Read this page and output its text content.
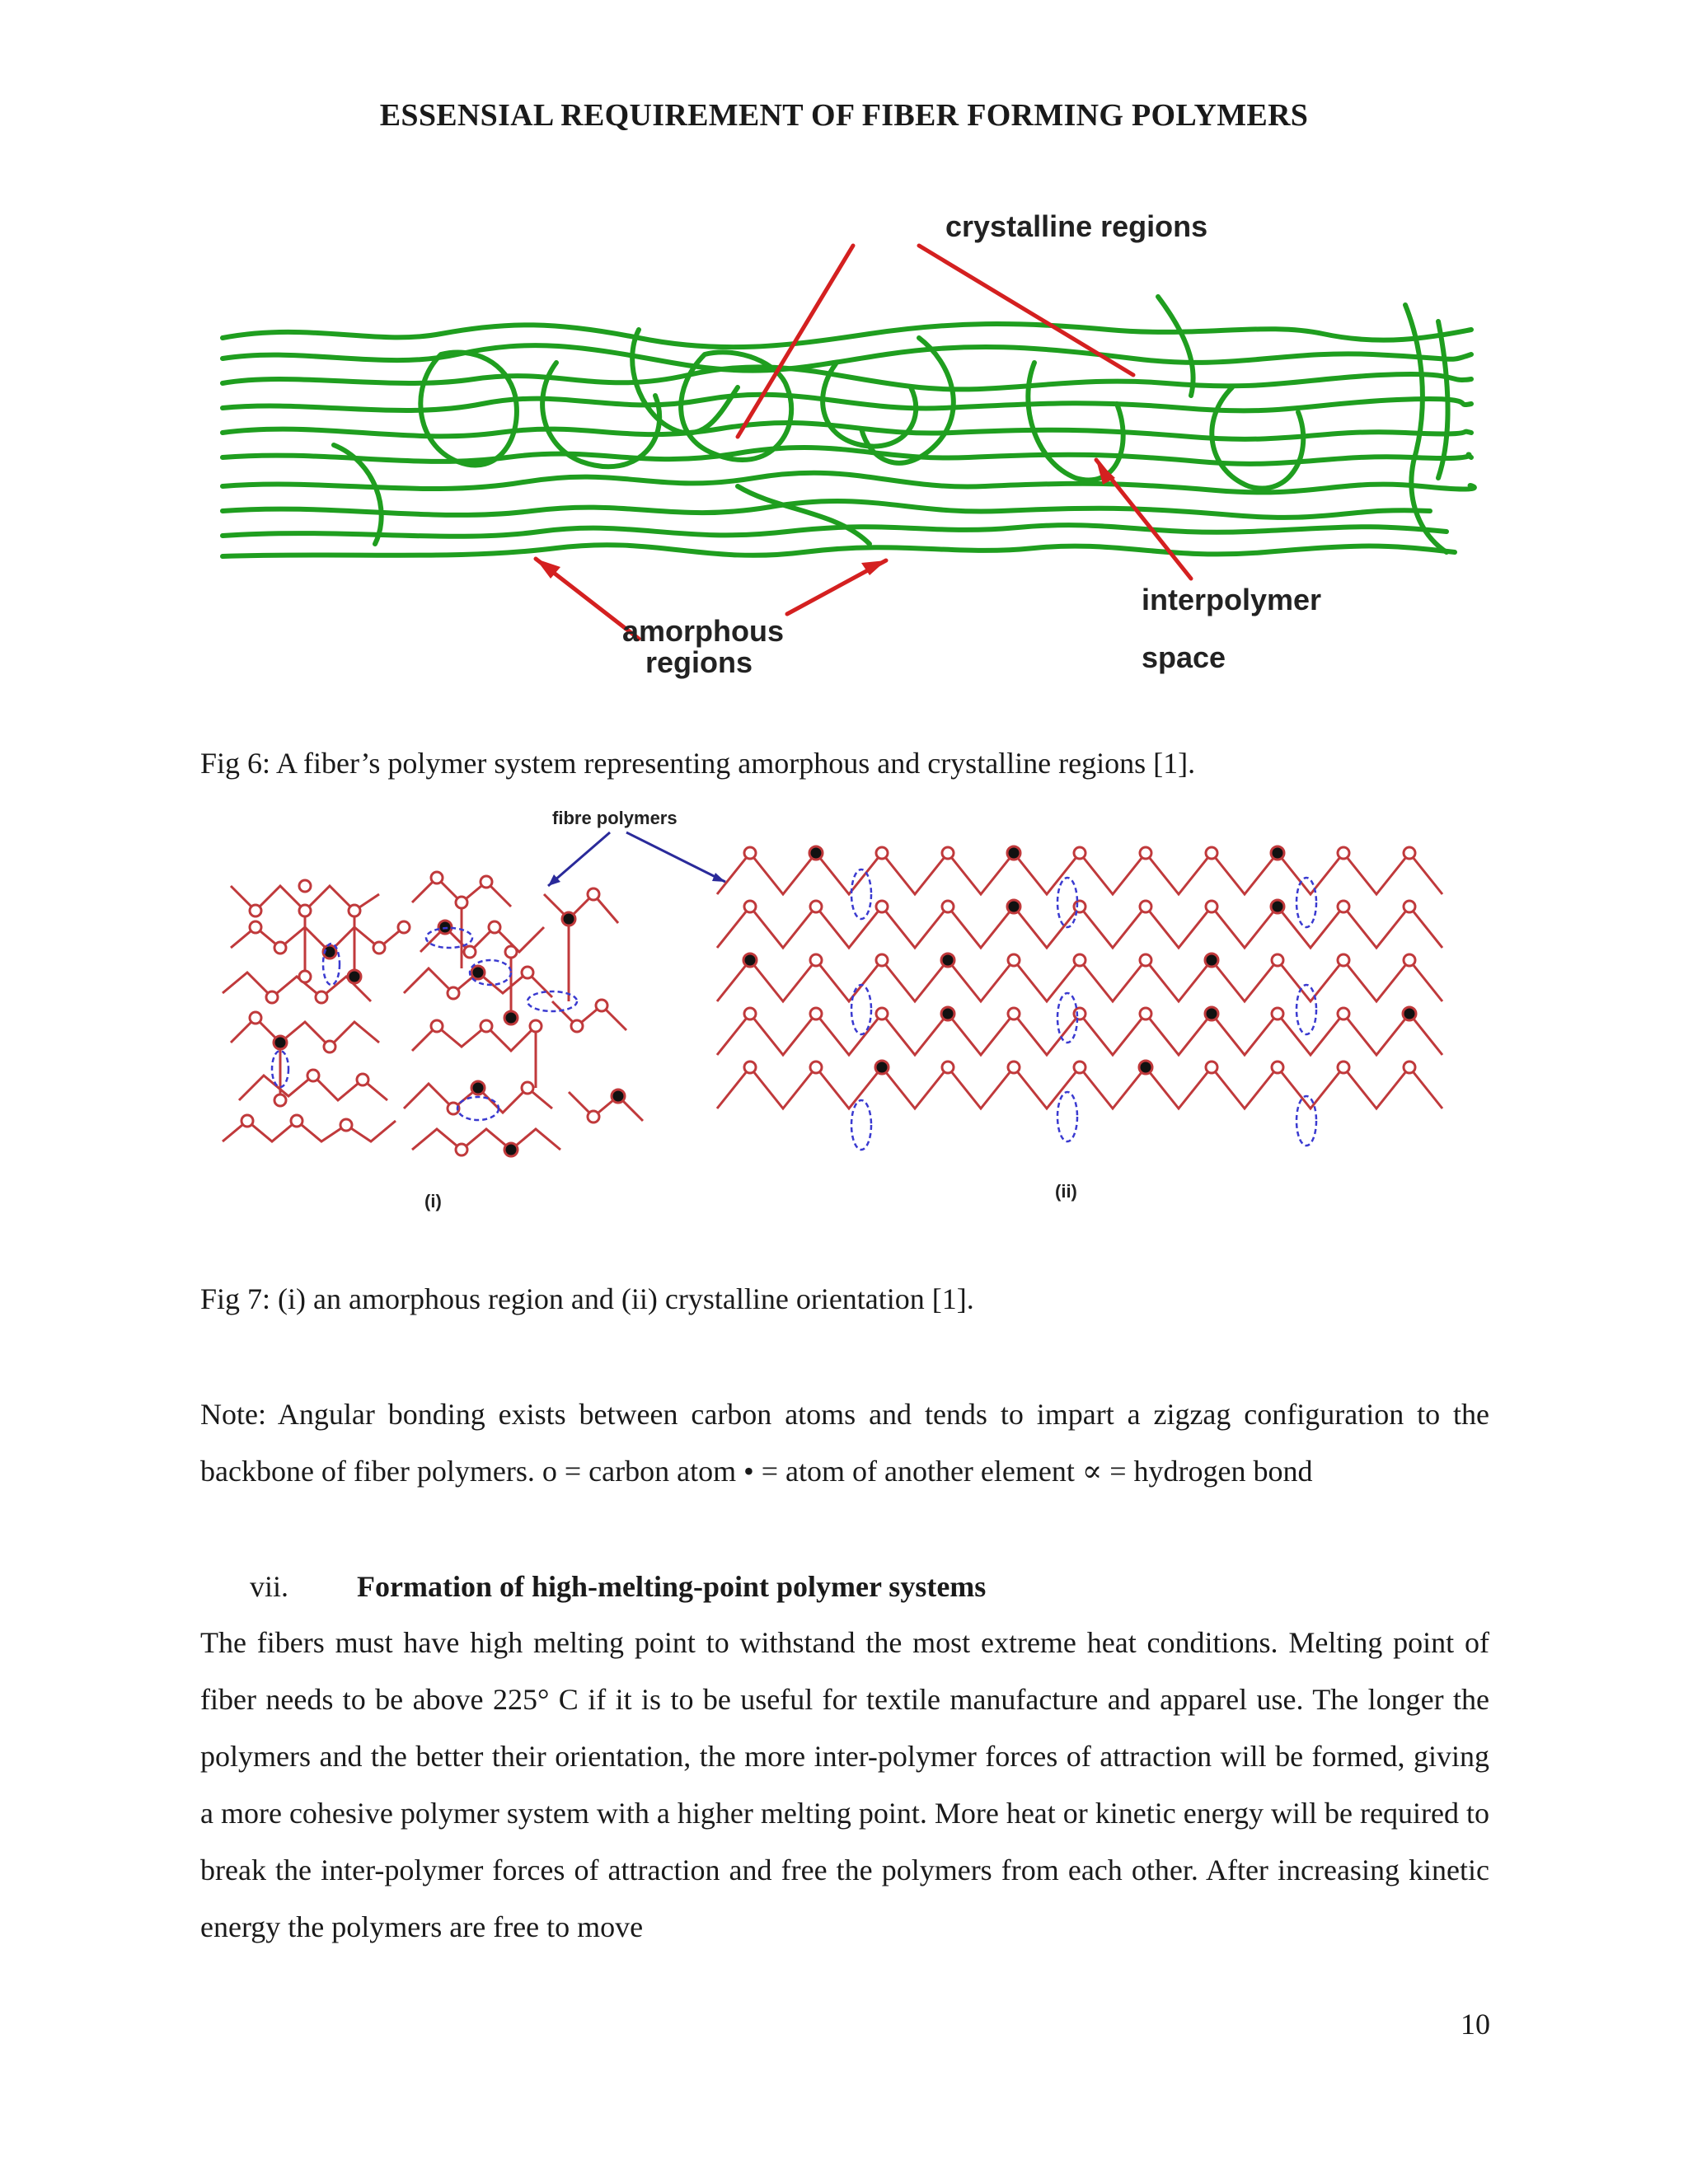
ESSENSIAL REQUIREMENT OF FIBER FORMING POLYMERS
crystalline regions
amorphous
regions
interpolymer
space
Fig 6: A fiber’s polymer system representing amorphous and crystalline regions [1].
fibre polymers
(i)	(ii)
Fig 7: (i) an amorphous region and (ii) crystalline orientation [1].
Note: Angular bonding exists between carbon atoms and tends to impart a zigzag configuration to the backbone of fiber polymers. o = carbon atom • = atom of another element ∝ = hydrogen bond
vii. Formation of high-melting-point polymer systems
The fibers must have high melting point to withstand the most extreme heat conditions. Melting point of fiber needs to be above 225° C if it is to be useful for textile manufacture and apparel use. The longer the polymers and the better their orientation, the more inter-polymer forces of attraction will be formed, giving a more cohesive polymer system with a higher melting point. More heat or kinetic energy will be required to break the inter-polymer forces of attraction and free the polymers from each other. After increasing kinetic energy the polymers are free to move
10
